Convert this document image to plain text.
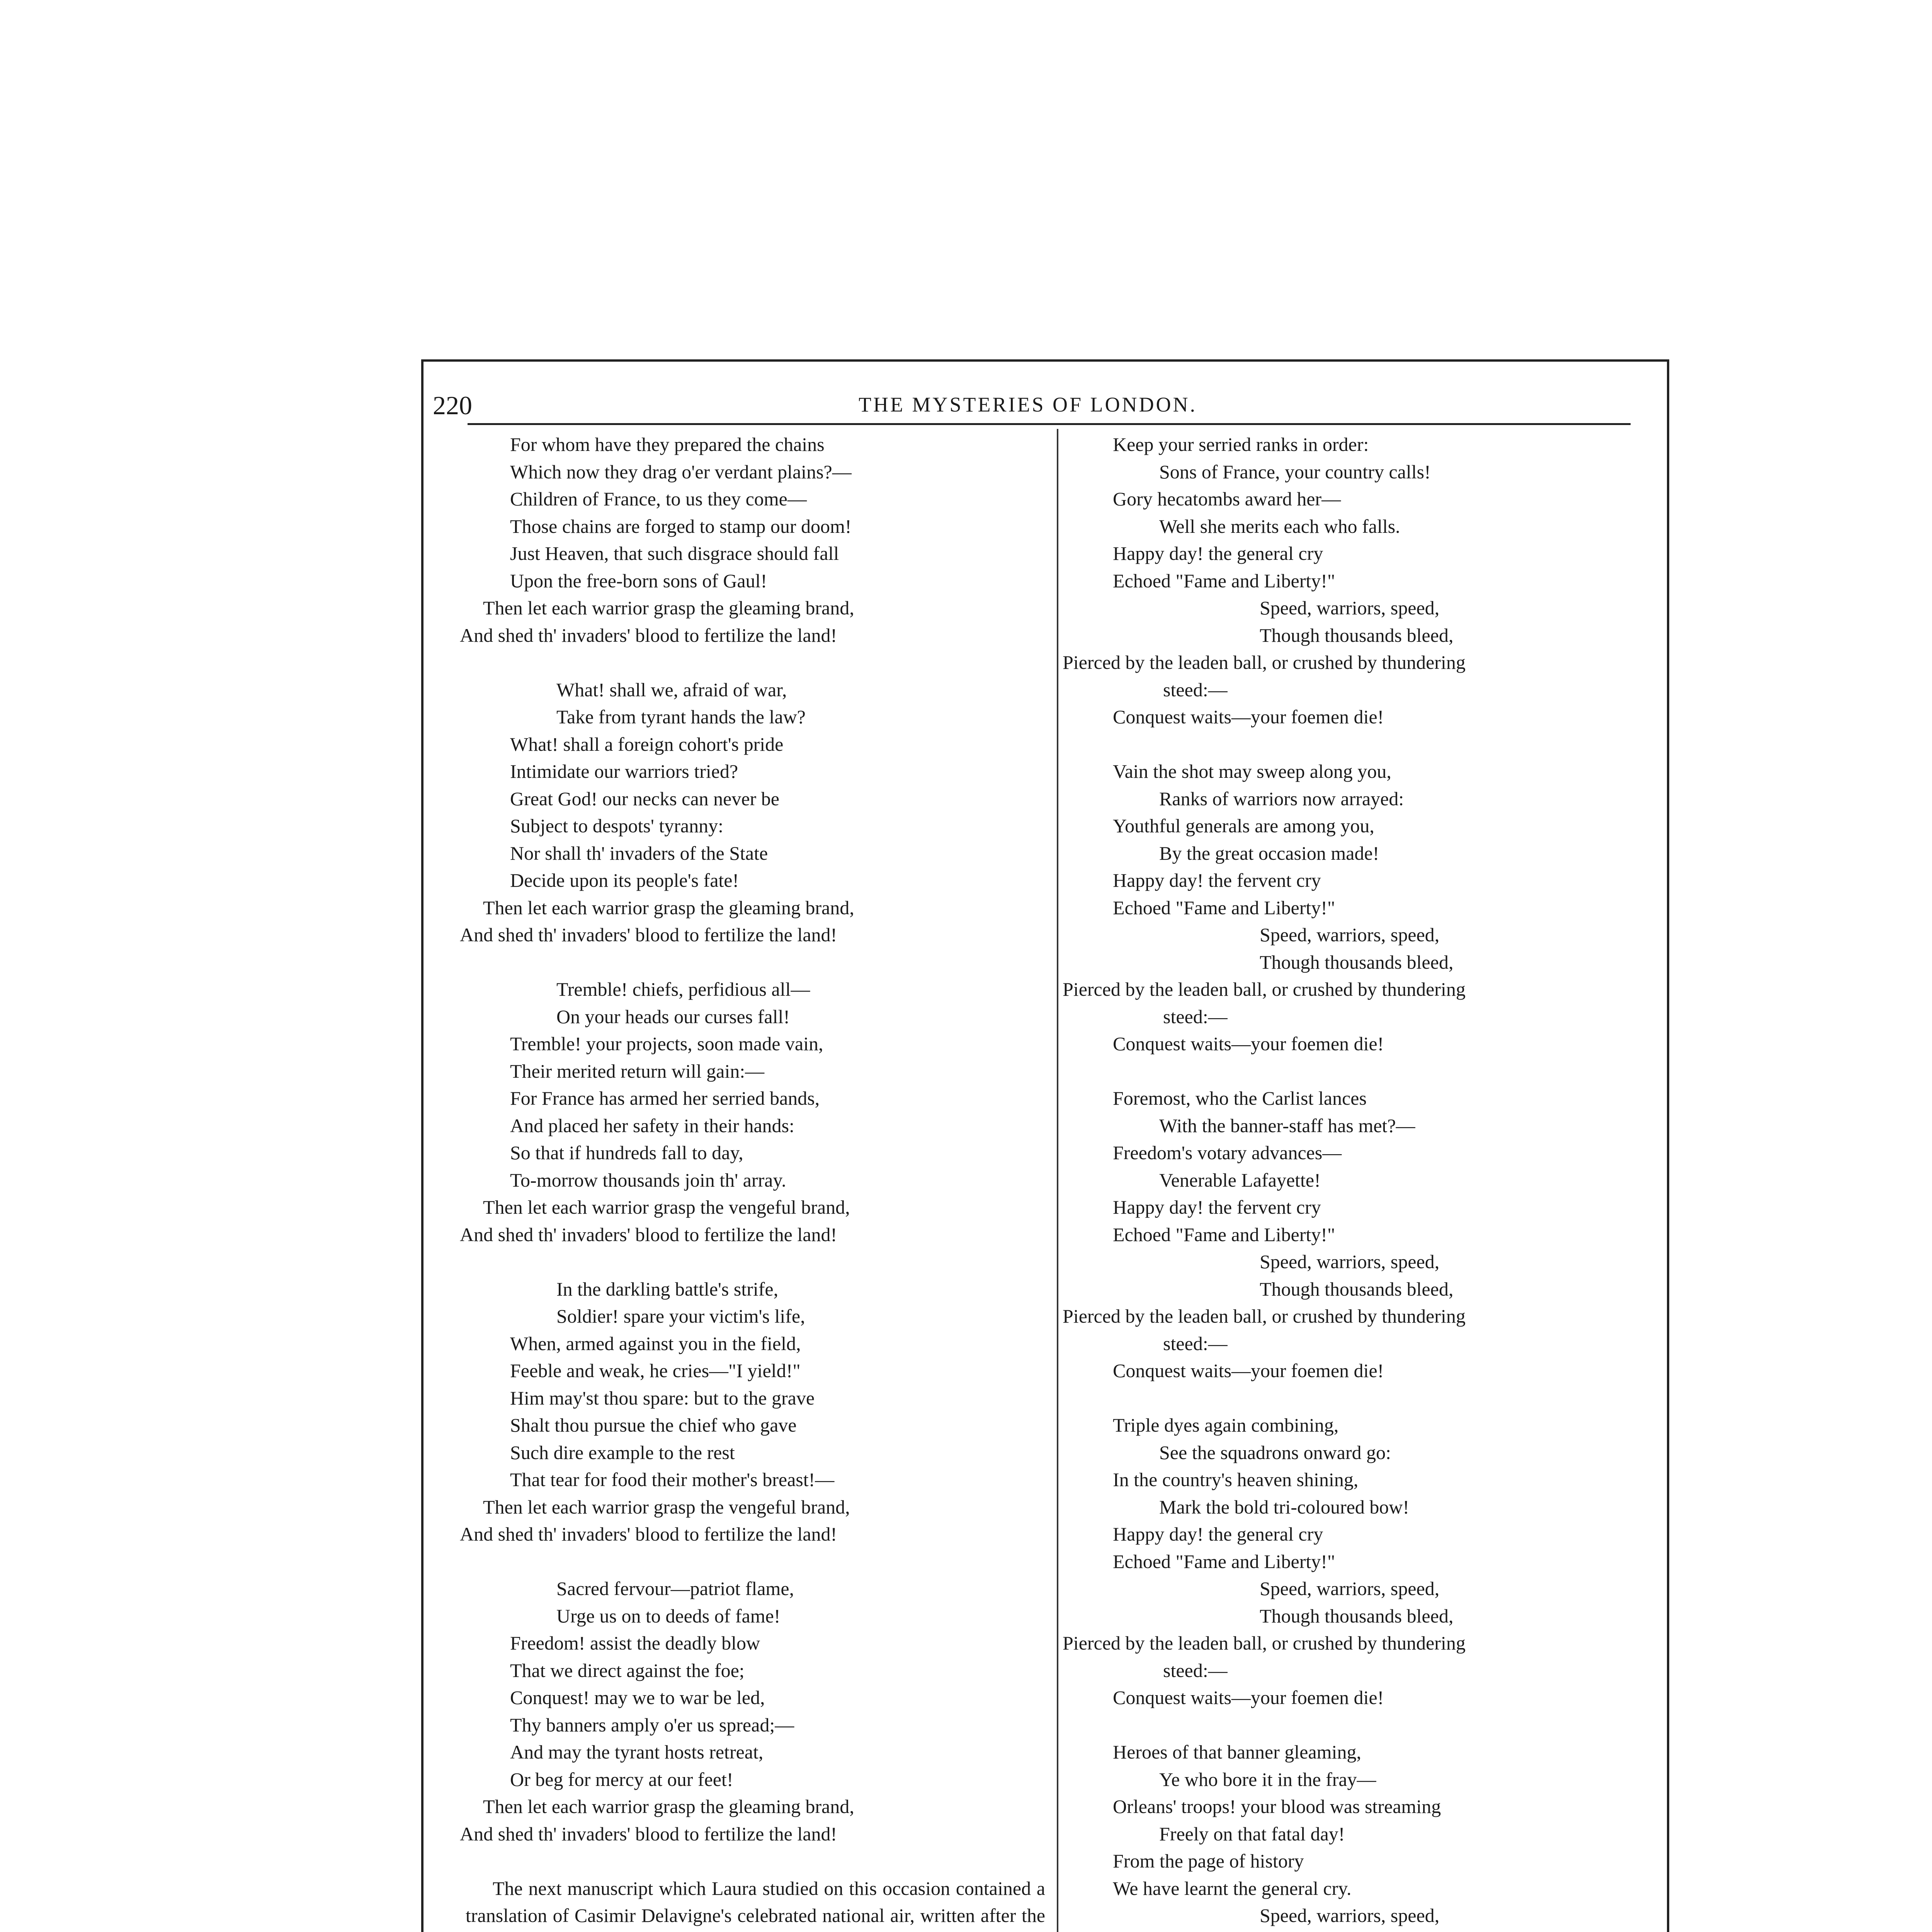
220	THE MYSTERIES OF LONDON.
For whom have they prepared the chains
Which now they drag o'er verdant plains?—
Children of France, to us they come—
Those chains are forged to stamp our doom!
Just Heaven, that such disgrace should fall
Upon the free-born sons of Gaul!
Then let each warrior grasp the gleaming brand,
And shed th' invaders' blood to fertilize the land!
What! shall we, afraid of war,
Take from tyrant hands the law?
What! shall a foreign cohort's pride
Intimidate our warriors tried?
Great God! our necks can never be
Subject to despots' tyranny:
Nor shall th' invaders of the State
Decide upon its people's fate!
Then let each warrior grasp the gleaming brand,
And shed th' invaders' blood to fertilize the land!
Tremble! chiefs, perfidious all—
On your heads our curses fall!
Tremble! your projects, soon made vain,
Their merited return will gain:—
For France has armed her serried bands,
And placed her safety in their hands:
So that if hundreds fall to day,
To-morrow thousands join th' array.
Then let each warrior grasp the vengeful brand,
And shed th' invaders' blood to fertilize the land!
In the darkling battle's strife,
Soldier! spare your victim's life,
When, armed against you in the field,
Feeble and weak, he cries—"I yield!"
Him may'st thou spare: but to the grave
Shalt thou pursue the chief who gave
Such dire example to the rest
That tear for food their mother's breast!—
Then let each warrior grasp the vengeful brand,
And shed th' invaders' blood to fertilize the land!
Sacred fervour—patriot flame,
Urge us on to deeds of fame!
Freedom! assist the deadly blow
That we direct against the foe;
Conquest! may we to war be led,
Thy banners amply o'er us spread;—
And may the tyrant hosts retreat,
Or beg for mercy at our feet!
Then let each warrior grasp the gleaming brand,
And shed th' invaders' blood to fertilize the land!
The next manuscript which Laura studied on this occasion contained a translation of Casimir Delavigne's celebrated national air, written after the
Keep your serried ranks in order:
Sons of France, your country calls!
Gory hecatombs award her—
Well she merits each who falls.
Happy day! the general cry
Echoed "Fame and Liberty!"
Speed, warriors, speed,
Though thousands bleed,
Pierced by the leaden ball, or crushed by thundering
steed:—
Conquest waits—your foemen die!
Vain the shot may sweep along you,
Ranks of warriors now arrayed:
Youthful generals are among you,
By the great occasion made!
Happy day! the fervent cry
Echoed "Fame and Liberty!"
Speed, warriors, speed,
Though thousands bleed,
Pierced by the leaden ball, or crushed by thundering
steed:—
Conquest waits—your foemen die!
Foremost, who the Carlist lances
With the banner-staff has met?—
Freedom's votary advances—
Venerable Lafayette!
Happy day! the fervent cry
Echoed "Fame and Liberty!"
Speed, warriors, speed,
Though thousands bleed,
Pierced by the leaden ball, or crushed by thundering
steed:—
Conquest waits—your foemen die!
Triple dyes again combining,
See the squadrons onward go:
In the country's heaven shining,
Mark the bold tri-coloured bow!
Happy day! the general cry
Echoed "Fame and Liberty!"
Speed, warriors, speed,
Though thousands bleed,
Pierced by the leaden ball, or crushed by thundering
steed:—
Conquest waits—your foemen die!
Heroes of that banner gleaming,
Ye who bore it in the fray—
Orleans' troops! your blood was streaming
Freely on that fatal day!
From the page of history
We have learnt the general cry.
Speed, warriors, speed,
